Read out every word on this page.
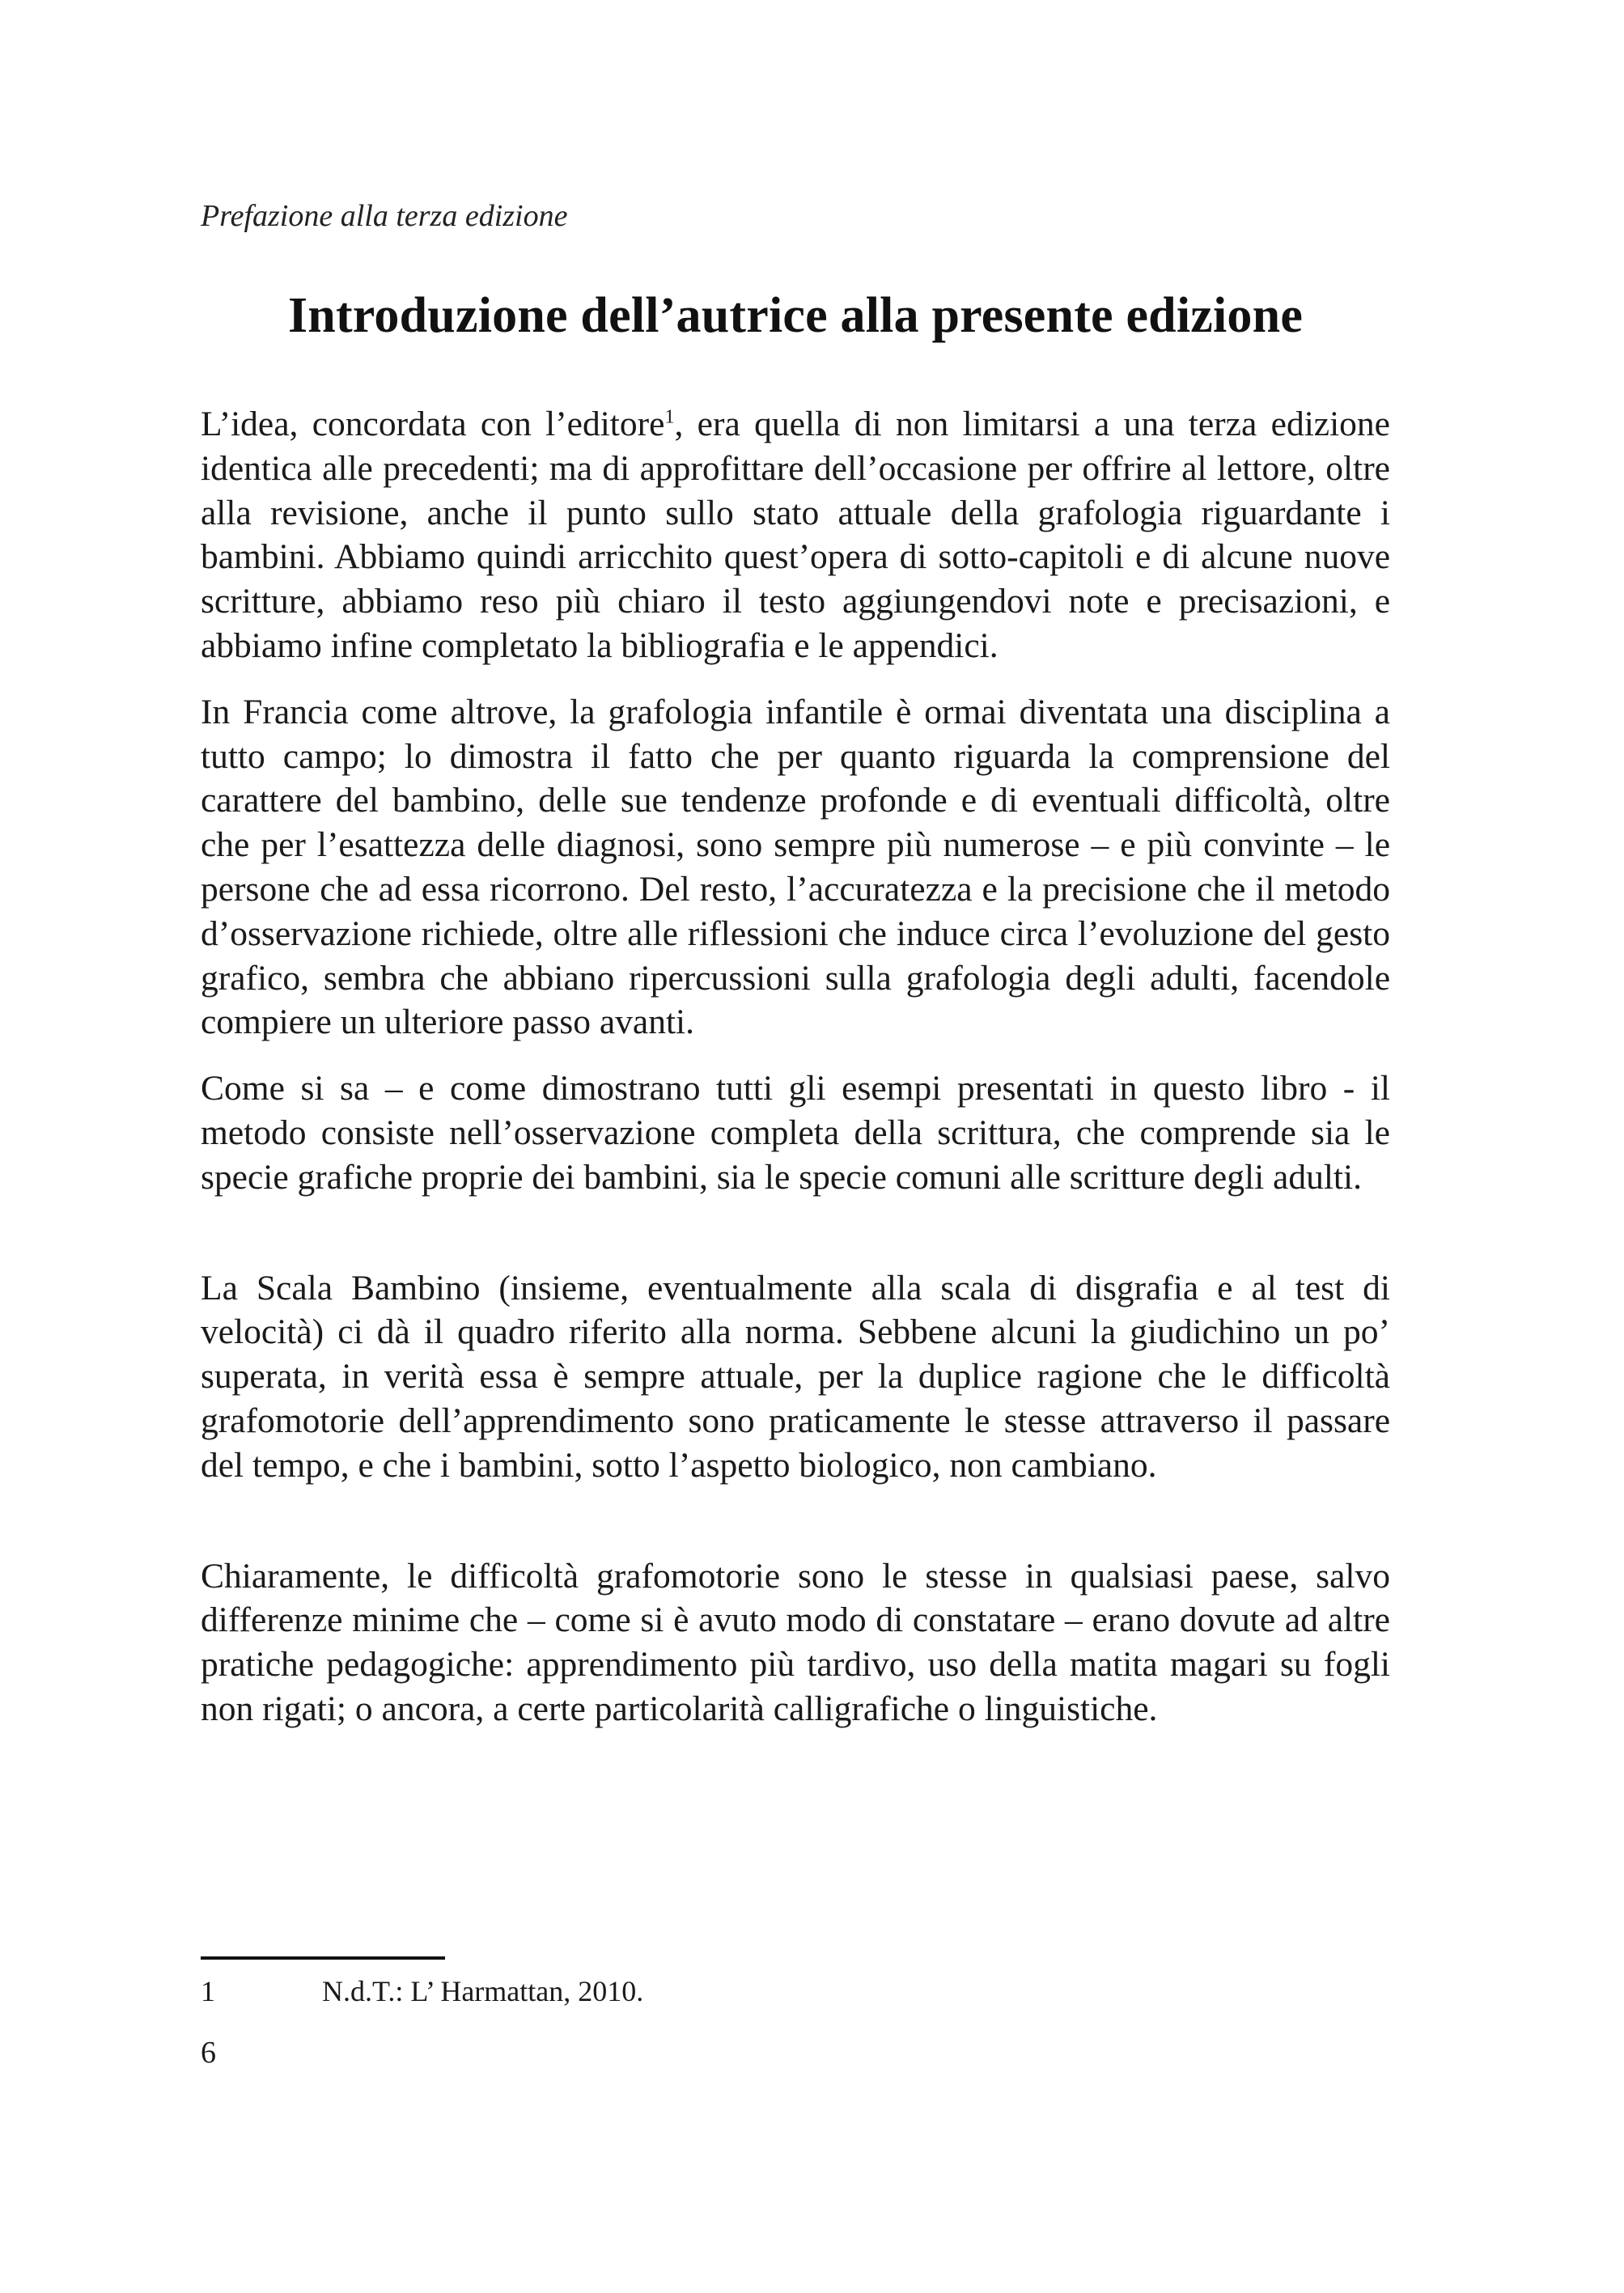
Prefazione alla terza edizione
Introduzione dell’autrice alla presente edizione

L’idea, concordata con l’editore$^1$, era quella di non limitarsi a una terza edizione identica alle precedenti; ma di approfittare dell’occasione per offrire al lettore, oltre alla revisione, anche il punto sullo stato attuale della grafologia riguardante i bambini. Abbiamo quindi arricchito quest’opera di sotto-capitoli e di alcune nuove scritture, abbiamo reso più chiaro il testo aggiungendovi note e precisazioni, e abbiamo infine completato la bibliografia e le appendici.

In Francia come altrove, la grafologia infantile è ormai diventata una disciplina a tutto campo; lo dimostra il fatto che per quanto riguarda la comprensione del carattere del bambino, delle sue tendenze profonde e di eventuali difficoltà, oltre che per l’esattezza delle diagnosi, sono sempre più numerose – e più convinte – le persone che ad essa ricorrono. Del resto, l’accuratezza e la precisione che il metodo d’osservazione richiede, oltre alle riflessioni che induce circa l’evoluzione del gesto grafico, sembra che abbiano ripercussioni sulla grafologia degli adulti, facendole compiere un ulteriore passo avanti.

Come si sa – e come dimostrano tutti gli esempi presentati in questo libro - il metodo consiste nell’osservazione completa della scrittura, che comprende sia le specie grafiche proprie dei bambini, sia le specie comuni alle scritture degli adulti.

La Scala Bambino (insieme, eventualmente alla scala di disgrafia e al test di velocità) ci dà il quadro riferito alla norma. Sebbene alcuni la giudichino un po’ superata, in verità essa è sempre attuale, per la duplice ragione che le difficoltà grafomotorie dell’apprendimento sono praticamente le stesse attraverso il passare del tempo, e che i bambini, sotto l’aspetto biologico, non cambiano.

Chiaramente, le difficoltà grafomotorie sono le stesse in qualsiasi paese, salvo differenze minime che – come si è avuto modo di constatare – erano dovute ad altre pratiche pedagogiche: apprendimento più tardivo, uso della matita magari su fogli non rigati; o ancora, a certe particolarità calligrafiche o linguistiche.

1	N.d.T.: L’ Harmattan, 2010.
6
